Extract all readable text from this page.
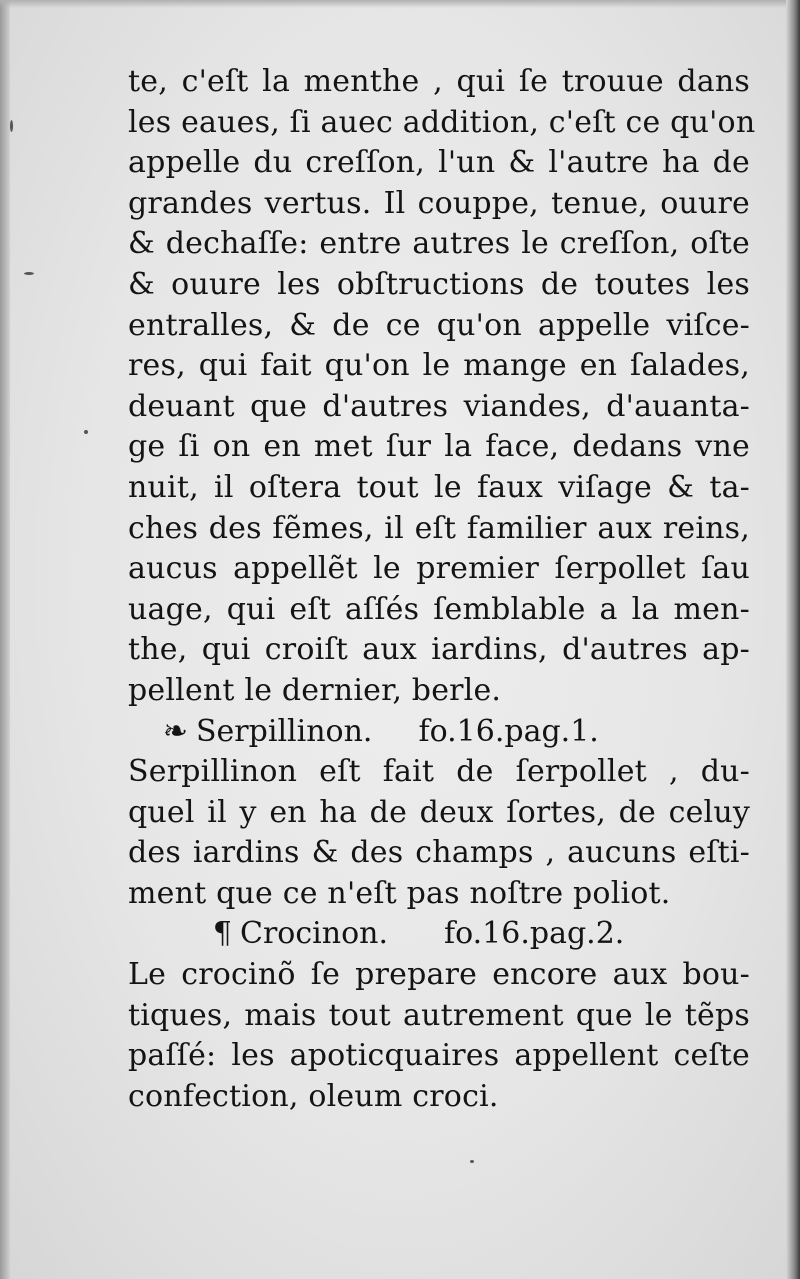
te, c'eſt la menthe , qui ſe trouue dans
les eaues, ſi auec addition, c'eſt ce qu'on
appelle du creſſon, l'un & l'autre ha de
grandes vertus. Il couppe, tenue, ouure
& dechaſſe: entre autres le creſſon, oſte
& ouure les obſtructions de toutes les
entralles, & de ce qu'on appelle viſce-
res, qui fait qu'on le mange en ſalades,
deuant que d'autres viandes, d'auanta-
ge ſi on en met ſur la face, dedans vne
nuit, il oſtera tout le faux viſage & ta-
ches des fẽmes, il eſt familier aux reins,
aucus appellẽt le premier ſerpollet ſau
uage, qui eſt aſſés ſemblable a la men-
the, qui croiſt aux iardins, d'autres ap-
pellent le dernier, berle.
❧ Serpillinon. fo.16.pag.1.
Serpillinon eſt fait de ſerpollet , du-
quel il y en ha de deux ſortes, de celuy
des iardins & des champs , aucuns eſti-
ment que ce n'eſt pas noſtre poliot.
¶ Crocinon. fo.16.pag.2.
Le crocinõ ſe prepare encore aux bou-
tiques, mais tout autrement que le tẽps
paſſé: les apoticquaires appellent ceſte
confection, oleum croci.
